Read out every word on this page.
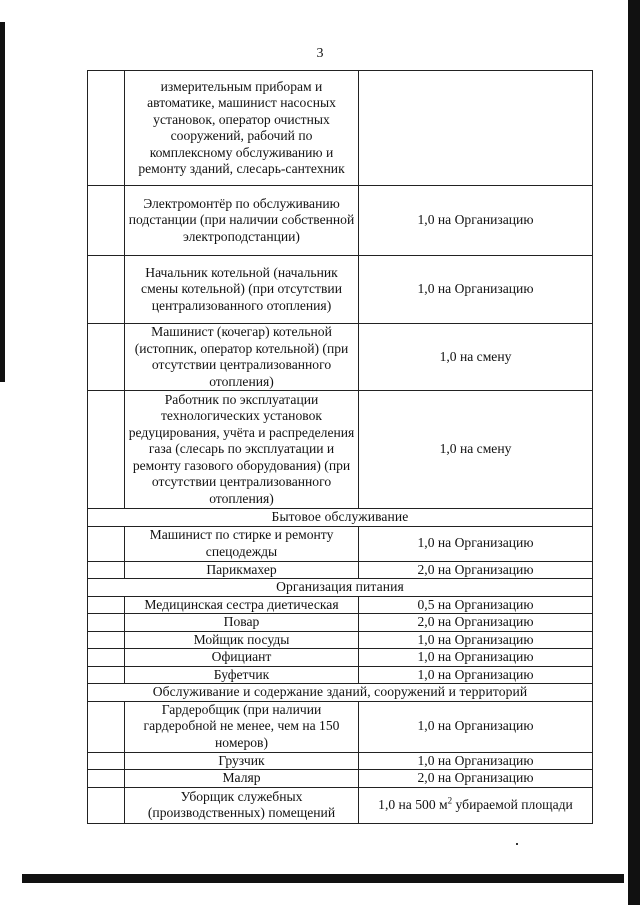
3
	измерительным приборам и автоматике, машинист насосных установок, оператор очистных сооружений, рабочий по комплексному обслуживанию и ремонту зданий, слесарь-сантехник	
	Электромонтёр по обслуживанию подстанции (при наличии собственной электроподстанции)	1,0 на Организацию
	Начальник котельной (начальник смены котельной) (при отсутствии централизованного отопления)	1,0 на Организацию
	Машинист (кочегар) котельной (истопник, оператор котельной) (при отсутствии централизованного отопления)	1,0 на смену
	Работник по эксплуатации технологических установок редуцирования, учёта и распределения газа (слесарь по эксплуатации и ремонту газового оборудования) (при отсутствии централизованного отопления)	1,0 на смену
Бытовое обслуживание		
	Машинист по стирке и ремонту спецодежды	1,0 на Организацию
	Парикмахер	2,0 на Организацию
Организация питания		
	Медицинская сестра диетическая	0,5 на Организацию
	Повар	2,0 на Организацию
	Мойщик посуды	1,0 на Организацию
	Официант	1,0 на Организацию
	Буфетчик	1,0 на Организацию
Обслуживание и содержание зданий, сооружений и территорий		
	Гардеробщик (при наличии гардеробной не менее, чем на 150 номеров)	1,0 на Организацию
	Грузчик	1,0 на Организацию
	Маляр	2,0 на Организацию
	Уборщик служебных (производственных) помещений	1,0 на 500 $м^2$ убираемой площади
